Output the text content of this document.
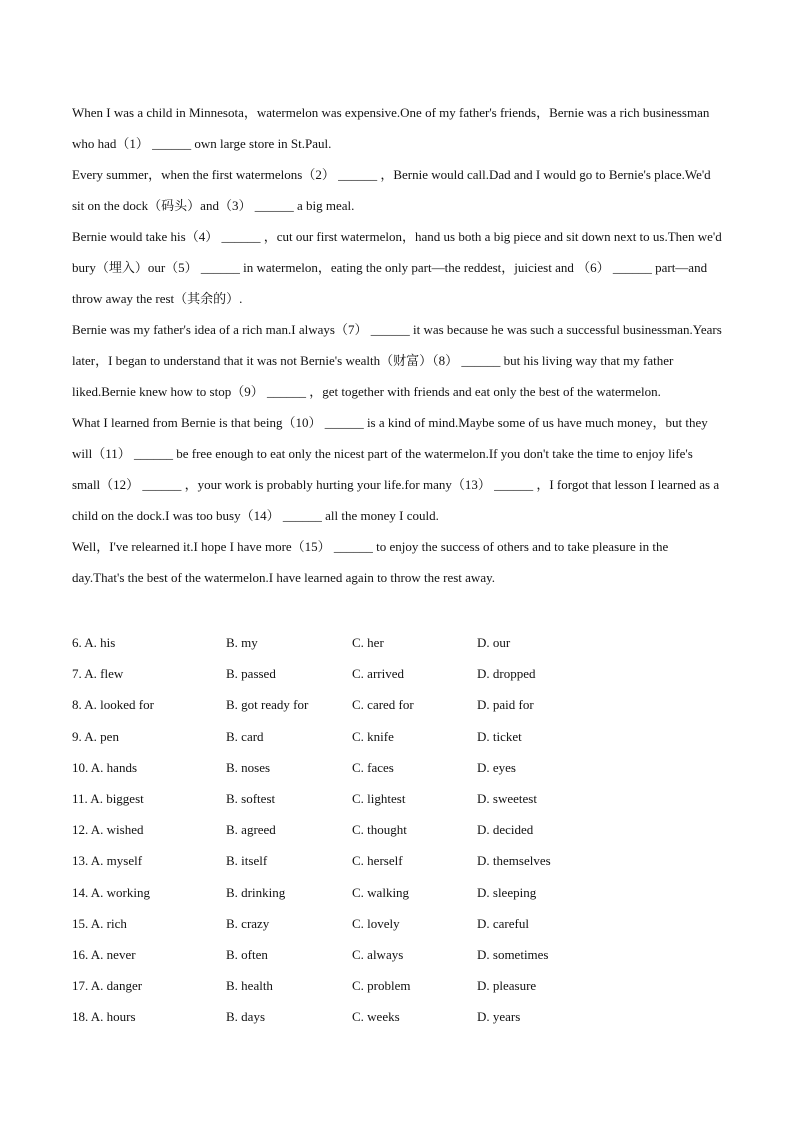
When I was a child in Minnesota，watermelon was expensive.One of my father's friends，Bernie was a rich businessman who had（1） ______ own large store in St.Paul.

Every summer，when the first watermelons（2） ______ ，Bernie would call.Dad and I would go to Bernie's place.We'd sit on the dock（码头）and（3） ______ a big meal.

Bernie would take his（4） ______ ，cut our first watermelon，hand us both a big piece and sit down next to us.Then we'd bury（埋入）our（5） ______ in watermelon，eating the only part—the reddest，juiciest and （6） ______ part—and throw away the rest（其余的）.

Bernie was my father's idea of a rich man.I always（7） ______ it was because he was such a successful businessman.Years later，I began to understand that it was not Bernie's wealth（财富）（8） ______ but his living way that my father liked.Bernie knew how to stop（9） ______ ，get together with friends and eat only the best of the watermelon.

What I learned from Bernie is that being（10） ______ is a kind of mind.Maybe some of us have much money，but they will（11） ______ be free enough to eat only the nicest part of the watermelon.If you don't take the time to enjoy life's small（12） ______ ，your work is probably hurting your life.for many（13） ______ ，I forgot that lesson I learned as a child on the dock.I was too busy（14） ______ all the money I could.

Well，I've relearned it.I hope I have more（15） ______ to enjoy the success of others and to take pleasure in the day.That's the best of the watermelon.I have learned again to throw the rest away.

6. A. his	B. my	C. her	D. our
7. A. flew	B. passed	C. arrived	D. dropped
8. A. looked for	B. got ready for	C. cared for	D. paid for
9. A. pen	B. card	C. knife	D. ticket
10. A. hands	B. noses	C. faces	D. eyes
11. A. biggest	B. softest	C. lightest	D. sweetest
12. A. wished	B. agreed	C. thought	D. decided
13. A. myself	B. itself	C. herself	D. themselves
14. A. working	B. drinking	C. walking	D. sleeping
15. A. rich	B. crazy	C. lovely	D. careful
16. A. never	B. often	C. always	D. sometimes
17. A. danger	B. health	C. problem	D. pleasure
18. A. hours	B. days	C. weeks	D. years
